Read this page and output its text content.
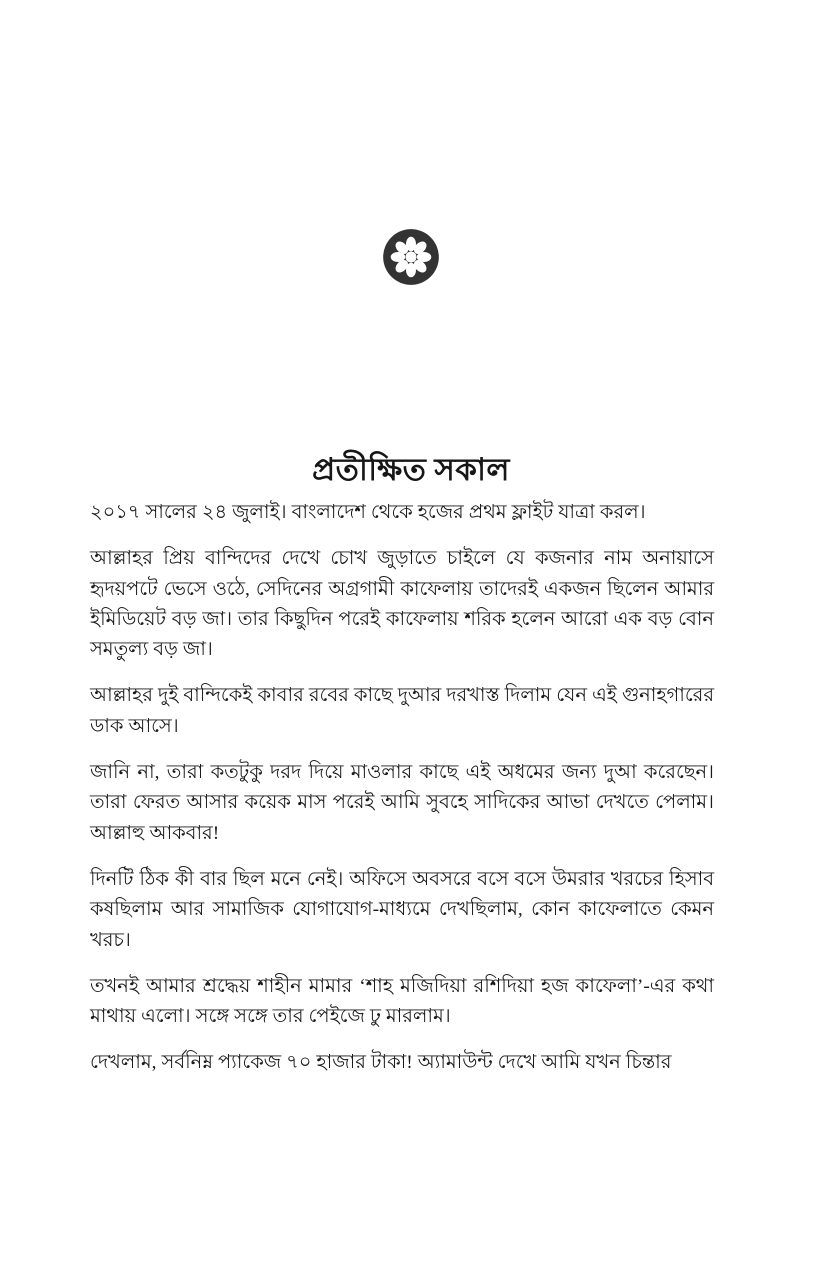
প্রতীক্ষিত সকাল

২০১৭ সালের ২৪ জুলাই। বাংলাদেশ থেকে হজের প্রথম ফ্লাইট যাত্রা করল।

আল্লাহর প্রিয় বান্দিদের দেখে চোখ জুড়াতে চাইলে যে কজনার নাম অনায়াসে হৃদয়পটে ভেসে ওঠে, সেদিনের অগ্রগামী কাফেলায় তাদেরই একজন ছিলেন আমার ইমিডিয়েট বড় জা। তার কিছুদিন পরেই কাফেলায় শরিক হলেন আরো এক বড় বোন সমতুল্য বড় জা।

আল্লাহর দুই বান্দিকেই কাবার রবের কাছে দুআর দরখাস্ত দিলাম যেন এই গুনাহগারের ডাক আসে।

জানি না, তারা কতটুকু দরদ দিয়ে মাওলার কাছে এই অধমের জন্য দুআ করেছেন। তারা ফেরত আসার কয়েক মাস পরেই আমি সুবহে সাদিকের আভা দেখতে পেলাম। আল্লাহু আকবার!

দিনটি ঠিক কী বার ছিল মনে নেই। অফিসে অবসরে বসে বসে উমরার খরচের হিসাব কষছিলাম আর সামাজিক যোগাযোগ-মাধ্যমে দেখছিলাম, কোন কাফেলাতে কেমন খরচ।

তখনই আমার শ্রদ্ধেয় শাহীন মামার ‘শাহ মজিদিয়া রশিদিয়া হজ কাফেলা’-এর কথা মাথায় এলো। সঙ্গে সঙ্গে তার পেইজে ঢু মারলাম।

দেখলাম, সর্বনিম্ন প্যাকেজ ৭০ হাজার টাকা! অ্যামাউন্ট দেখে আমি যখন চিন্তার
